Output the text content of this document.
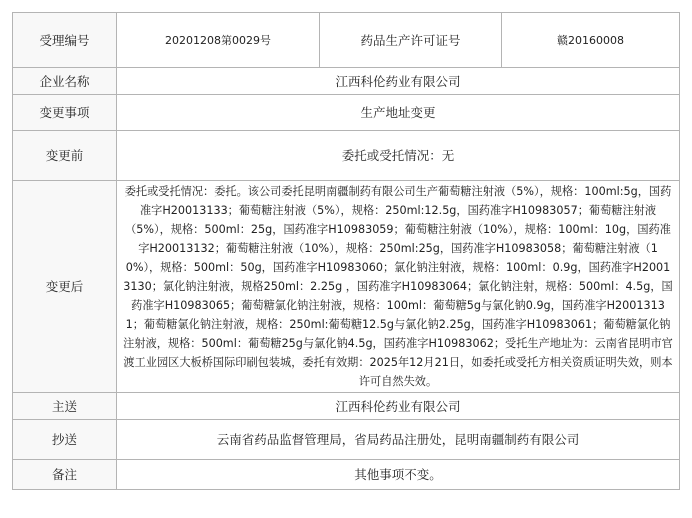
受理编号	20201208第0029号	药品生产许可证号	赣20160008
企业名称	江西科伦药业有限公司		
变更事项	生产地址变更		
变更前	委托或受托情况：无		
变更后	委托或受托情况：委托。该公司委托昆明南疆制药有限公司生产葡萄糖注射液（5%），规格：100ml:5g，国药准字H20013133；葡萄糖注射液（5%），规格：250ml:12.5g，国药准字H10983057；葡萄糖注射液（5%），规格：500ml：25g，国药准字H10983059；葡萄糖注射液（10%），规格：100ml：10g，国药准字H20013132；葡萄糖注射液（10%），规格：250ml:25g，国药准字H10983058；葡萄糖注射液（10%），规格：500ml：50g，国药准字H10983060；氯化钠注射液，规格：100ml：0.9g，国药准字H20013130；氯化钠注射液，规格250ml：2.25g ，国药准字H10983064；氯化钠注射，规格：500ml：4.5g，国药准字H10983065；葡萄糖氯化钠注射液，规格：100ml：葡萄糖5g与氯化钠0.9g，国药准字H20013131；葡萄糖氯化钠注射液，规格：250ml:葡萄糖12.5g与氯化钠2.25g，国药准字H10983061；葡萄糖氯化钠注射液，规格：500ml：葡萄糖25g与氯化钠4.5g，国药准字H10983062；受托生产地址为：云南省昆明市官渡工业园区大板桥国际印刷包装城，委托有效期：2025年12月21日，如委托或受托方相关资质证明失效，则本许可自然失效。		
主送	江西科伦药业有限公司		
抄送	云南省药品监督管理局，省局药品注册处，昆明南疆制药有限公司		
备注	其他事项不变。		
